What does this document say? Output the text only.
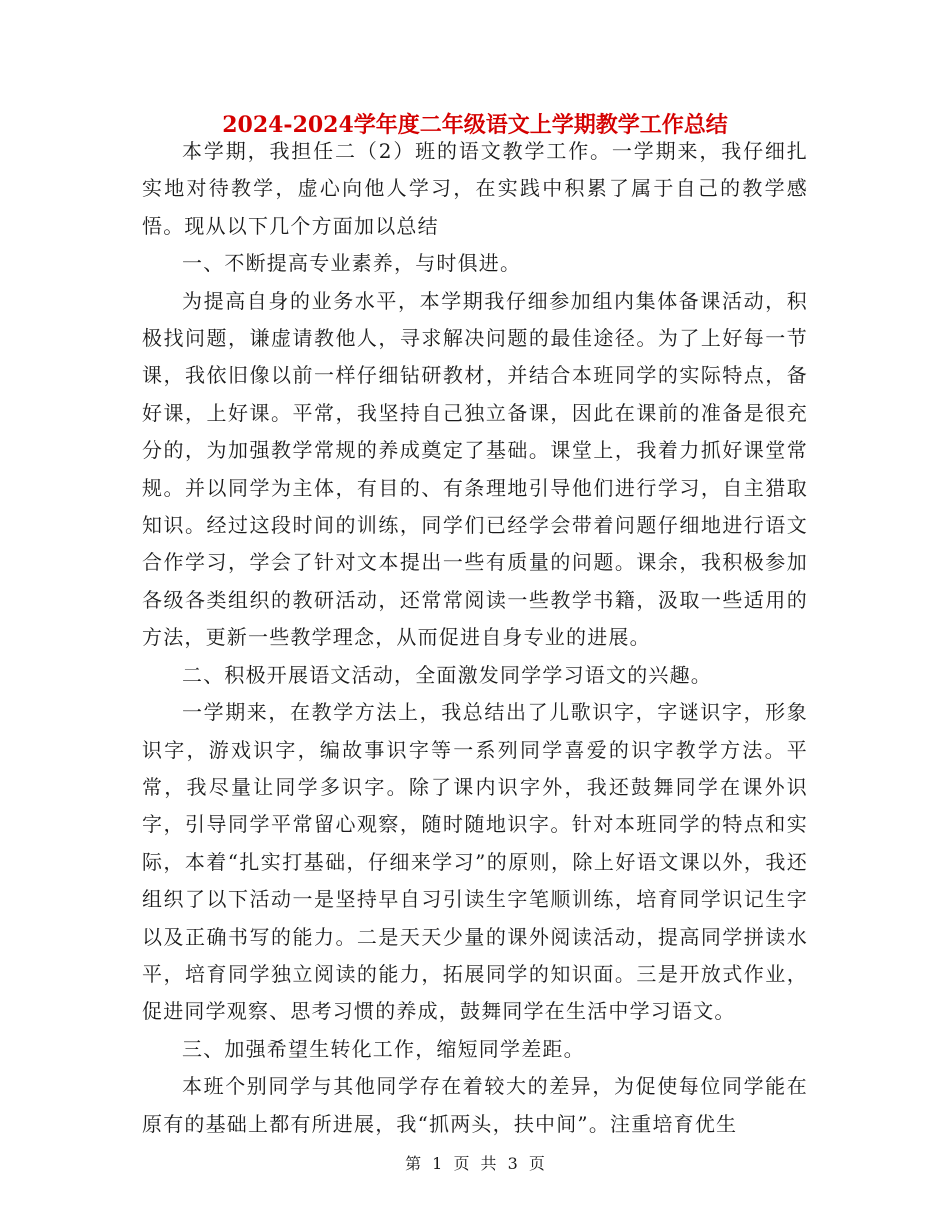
2024-2024学年度二年级语文上学期教学工作总结

本学期，我担任二（2）班的语文教学工作。一学期来，我仔细扎实地对待教学，虚心向他人学习，在实践中积累了属于自己的教学感悟。现从以下几个方面加以总结

一、不断提高专业素养，与时俱进。

为提高自身的业务水平，本学期我仔细参加组内集体备课活动，积极找问题，谦虚请教他人，寻求解决问题的最佳途径。为了上好每一节课，我依旧像以前一样仔细钻研教材，并结合本班同学的实际特点，备好课，上好课。平常，我坚持自己独立备课，因此在课前的准备是很充分的，为加强教学常规的养成奠定了基础。课堂上，我着力抓好课堂常规。并以同学为主体，有目的、有条理地引导他们进行学习，自主猎取知识。经过这段时间的训练，同学们已经学会带着问题仔细地进行语文合作学习，学会了针对文本提出一些有质量的问题。课余，我积极参加各级各类组织的教研活动，还常常阅读一些教学书籍，汲取一些适用的方法，更新一些教学理念，从而促进自身专业的进展。

二、积极开展语文活动，全面激发同学学习语文的兴趣。

一学期来，在教学方法上，我总结出了儿歌识字，字谜识字，形象识字，游戏识字，编故事识字等一系列同学喜爱的识字教学方法。平常，我尽量让同学多识字。除了课内识字外，我还鼓舞同学在课外识字，引导同学平常留心观察，随时随地识字。针对本班同学的特点和实际，本着“扎实打基础，仔细来学习”的原则，除上好语文课以外，我还组织了以下活动一是坚持早自习引读生字笔顺训练，培育同学识记生字以及正确书写的能力。二是天天少量的课外阅读活动，提高同学拼读水平，培育同学独立阅读的能力，拓展同学的知识面。三是开放式作业，促进同学观察、思考习惯的养成，鼓舞同学在生活中学习语文。

三、加强希望生转化工作，缩短同学差距。

本班个别同学与其他同学存在着较大的差异，为促使每位同学能在原有的基础上都有所进展，我“抓两头，扶中间”。注重培育优生

第 1 页 共 3 页
